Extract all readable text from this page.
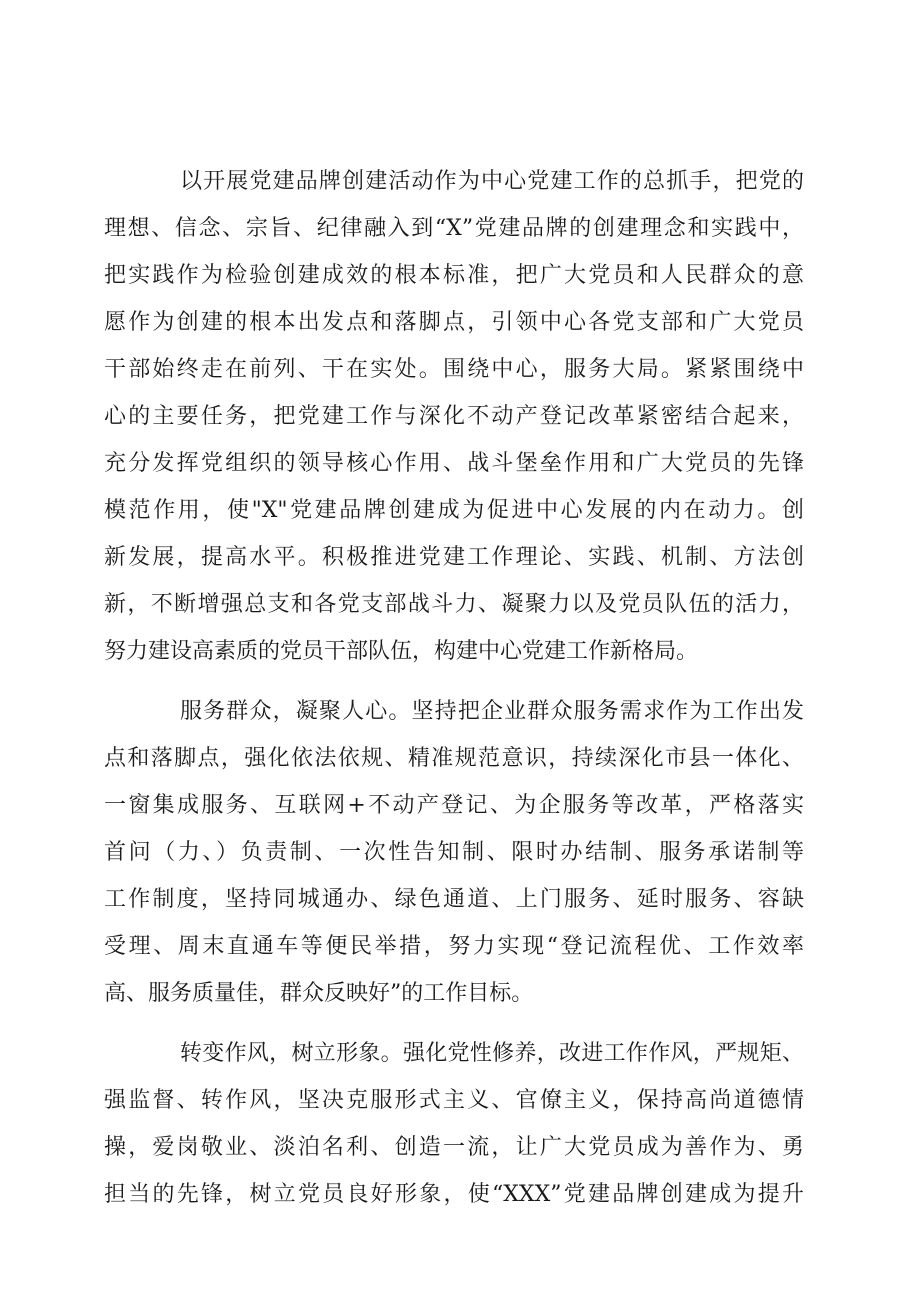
以开展党建品牌创建活动作为中心党建工作的总抓手，把党的
理想、信念、宗旨、纪律融入到“X”党建品牌的创建理念和实践中，
把实践作为检验创建成效的根本标准，把广大党员和人民群众的意
愿作为创建的根本出发点和落脚点，引领中心各党支部和广大党员
干部始终走在前列、干在实处。围绕中心，服务大局。紧紧围绕中
心的主要任务，把党建工作与深化不动产登记改革紧密结合起来，
充分发挥党组织的领导核心作用、战斗堡垒作用和广大党员的先锋
模范作用，使"X"党建品牌创建成为促进中心发展的内在动力。创
新发展，提高水平。积极推进党建工作理论、实践、机制、方法创
新，不断增强总支和各党支部战斗力、凝聚力以及党员队伍的活力，
努力建设高素质的党员干部队伍，构建中心党建工作新格局。
服务群众，凝聚人心。坚持把企业群众服务需求作为工作出发
点和落脚点，强化依法依规、精准规范意识，持续深化市县一体化、
一窗集成服务、互联网+不动产登记、为企服务等改革，严格落实
首问（力、）负责制、一次性告知制、限时办结制、服务承诺制等
工作制度，坚持同城通办、绿色通道、上门服务、延时服务、容缺
受理、周末直通车等便民举措，努力实现“登记流程优、工作效率
高、服务质量佳，群众反映好”的工作目标。
转变作风，树立形象。强化党性修养，改进工作作风，严规矩、
强监督、转作风，坚决克服形式主义、官僚主义，保持高尚道德情
操，爱岗敬业、淡泊名利、创造一流，让广大党员成为善作为、勇
担当的先锋，树立党员良好形象，使“XXX”党建品牌创建成为提升
